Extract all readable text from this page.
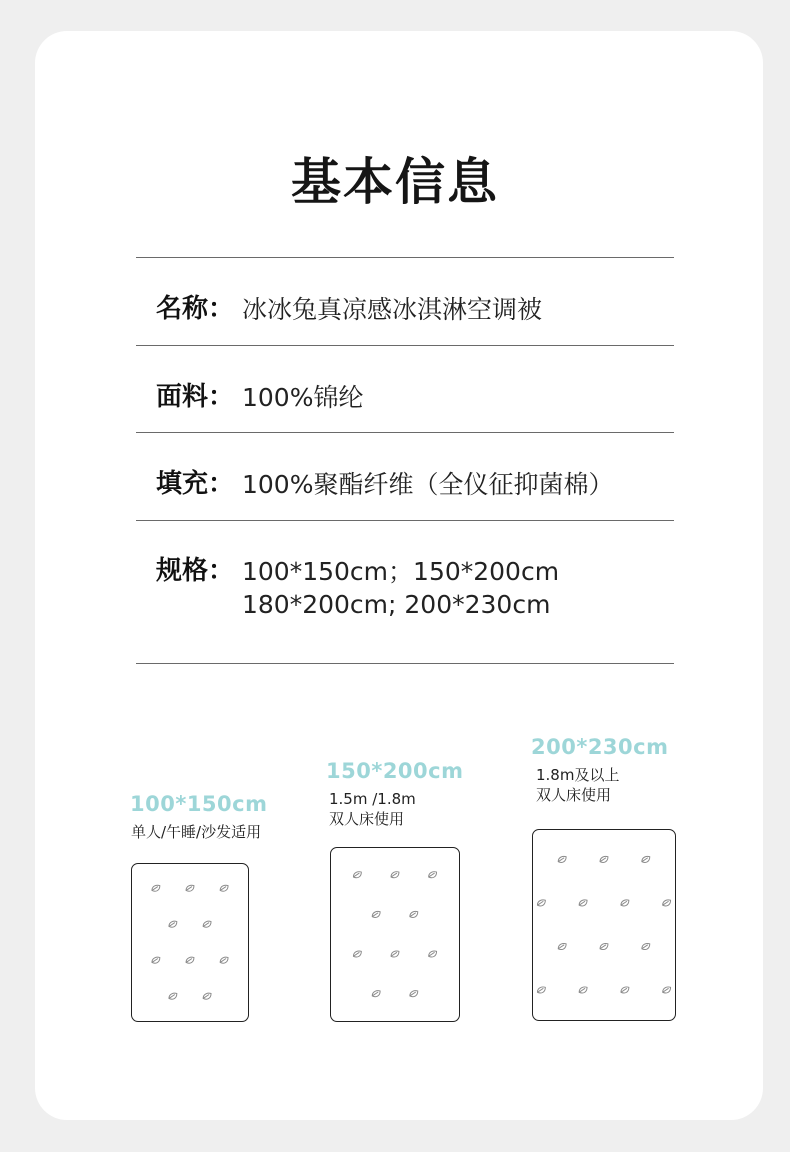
基本信息
名称： 冰冰兔真凉感冰淇淋空调被
面料： 100%锦纶
填充： 100%聚酯纤维（全仪征抑菌棉）
规格： 100*150cm；150*200cm
180*200cm; 200*230cm
100*150cm
单人/午睡/沙发适用
150*200cm
1.5m /1.8m
双人床使用
200*230cm
1.8m及以上
双人床使用
